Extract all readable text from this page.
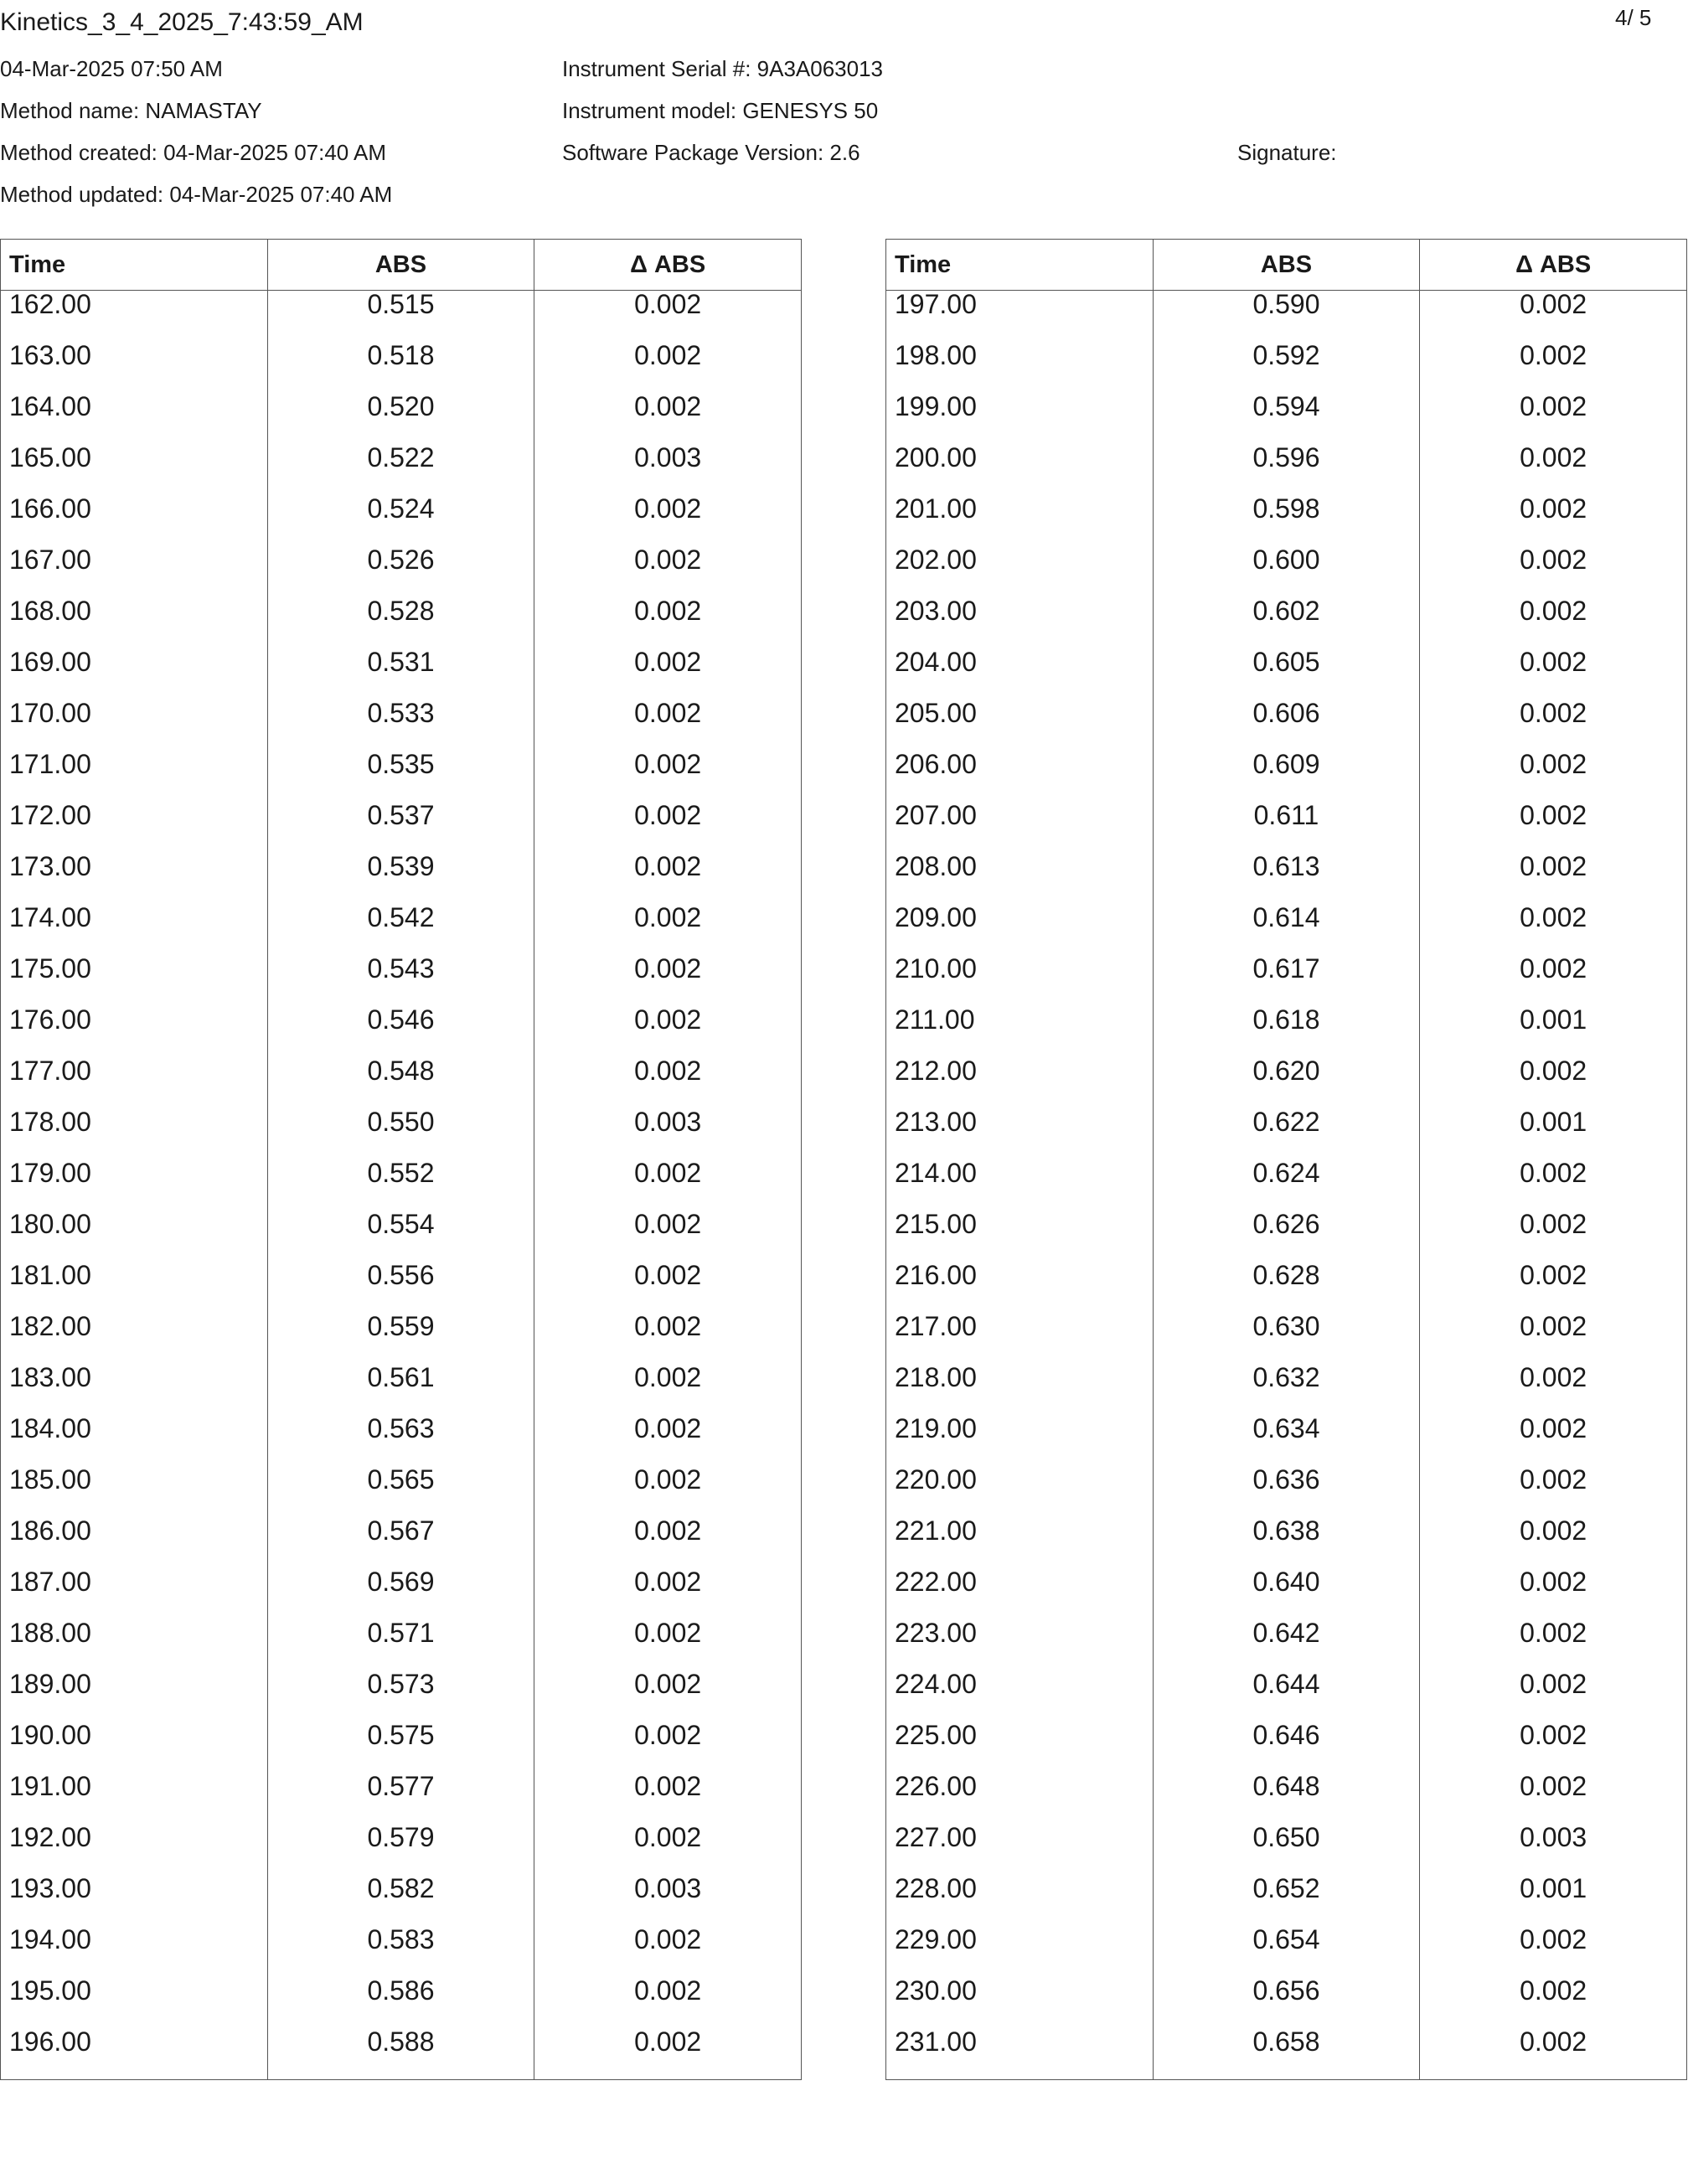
Kinetics_3_4_2025_7:43:59_AM	4/ 5
04-Mar-2025 07:50 AM
Method name: NAMASTAY
Method created: 04-Mar-2025 07:40 AM
Method updated: 04-Mar-2025 07:40 AM
Instrument Serial #: 9A3A063013
Instrument model: GENESYS 50
Software Package Version: 2.6	Signature:
Time	ABS	Δ ABS
162.00	0.515	0.002
163.00	0.518	0.002
164.00	0.520	0.002
165.00	0.522	0.003
166.00	0.524	0.002
167.00	0.526	0.002
168.00	0.528	0.002
169.00	0.531	0.002
170.00	0.533	0.002
171.00	0.535	0.002
172.00	0.537	0.002
173.00	0.539	0.002
174.00	0.542	0.002
175.00	0.543	0.002
176.00	0.546	0.002
177.00	0.548	0.002
178.00	0.550	0.003
179.00	0.552	0.002
180.00	0.554	0.002
181.00	0.556	0.002
182.00	0.559	0.002
183.00	0.561	0.002
184.00	0.563	0.002
185.00	0.565	0.002
186.00	0.567	0.002
187.00	0.569	0.002
188.00	0.571	0.002
189.00	0.573	0.002
190.00	0.575	0.002
191.00	0.577	0.002
192.00	0.579	0.002
193.00	0.582	0.003
194.00	0.583	0.002
195.00	0.586	0.002
196.00	0.588	0.002

Time	ABS	Δ ABS
197.00	0.590	0.002
198.00	0.592	0.002
199.00	0.594	0.002
200.00	0.596	0.002
201.00	0.598	0.002
202.00	0.600	0.002
203.00	0.602	0.002
204.00	0.605	0.002
205.00	0.606	0.002
206.00	0.609	0.002
207.00	0.611	0.002
208.00	0.613	0.002
209.00	0.614	0.002
210.00	0.617	0.002
211.00	0.618	0.001
212.00	0.620	0.002
213.00	0.622	0.001
214.00	0.624	0.002
215.00	0.626	0.002
216.00	0.628	0.002
217.00	0.630	0.002
218.00	0.632	0.002
219.00	0.634	0.002
220.00	0.636	0.002
221.00	0.638	0.002
222.00	0.640	0.002
223.00	0.642	0.002
224.00	0.644	0.002
225.00	0.646	0.002
226.00	0.648	0.002
227.00	0.650	0.003
228.00	0.652	0.001
229.00	0.654	0.002
230.00	0.656	0.002
231.00	0.658	0.002
